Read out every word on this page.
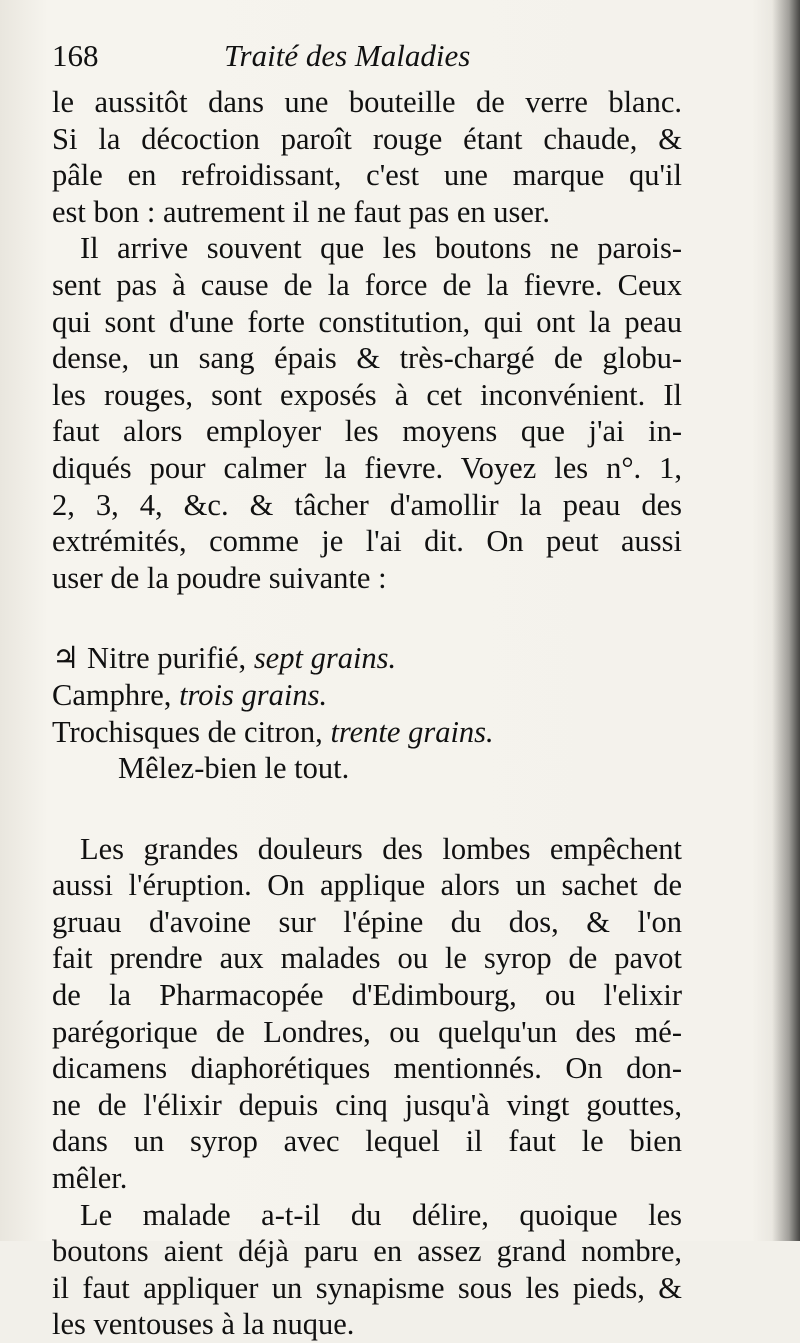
168	Traité des Maladies
le aussitôt dans une bouteille de verre blanc.
Si la décoction paroît rouge étant chaude, &
pâle en refroidissant, c'est une marque qu'il
est bon : autrement il ne faut pas en user.
Il arrive souvent que les boutons ne parois-
sent pas à cause de la force de la fievre. Ceux
qui sont d'une forte constitution, qui ont la peau
dense, un sang épais & très-chargé de globu-
les rouges, sont exposés à cet inconvénient. Il
faut alors employer les moyens que j'ai in-
diqués pour calmer la fievre. Voyez les n°. 1,
2, 3, 4, &c. & tâcher d'amollir la peau des
extrémités, comme je l'ai dit. On peut aussi
user de la poudre suivante :
♃ Nitre purifié, sept grains.
Camphre, trois grains.
Trochisques de citron, trente grains.
Mêlez-bien le tout.
Les grandes douleurs des lombes empêchent
aussi l'éruption. On applique alors un sachet de
gruau d'avoine sur l'épine du dos, & l'on
fait prendre aux malades ou le syrop de pavot
de la Pharmacopée d'Edimbourg, ou l'elixir
parégorique de Londres, ou quelqu'un des mé-
dicamens diaphorétiques mentionnés. On don-
ne de l'élixir depuis cinq jusqu'à vingt gouttes,
dans un syrop avec lequel il faut le bien
mêler.
Le malade a-t-il du délire, quoique les
boutons aient déjà paru en assez grand nombre,
il faut appliquer un synapisme sous les pieds, &
les ventouses à la nuque.
